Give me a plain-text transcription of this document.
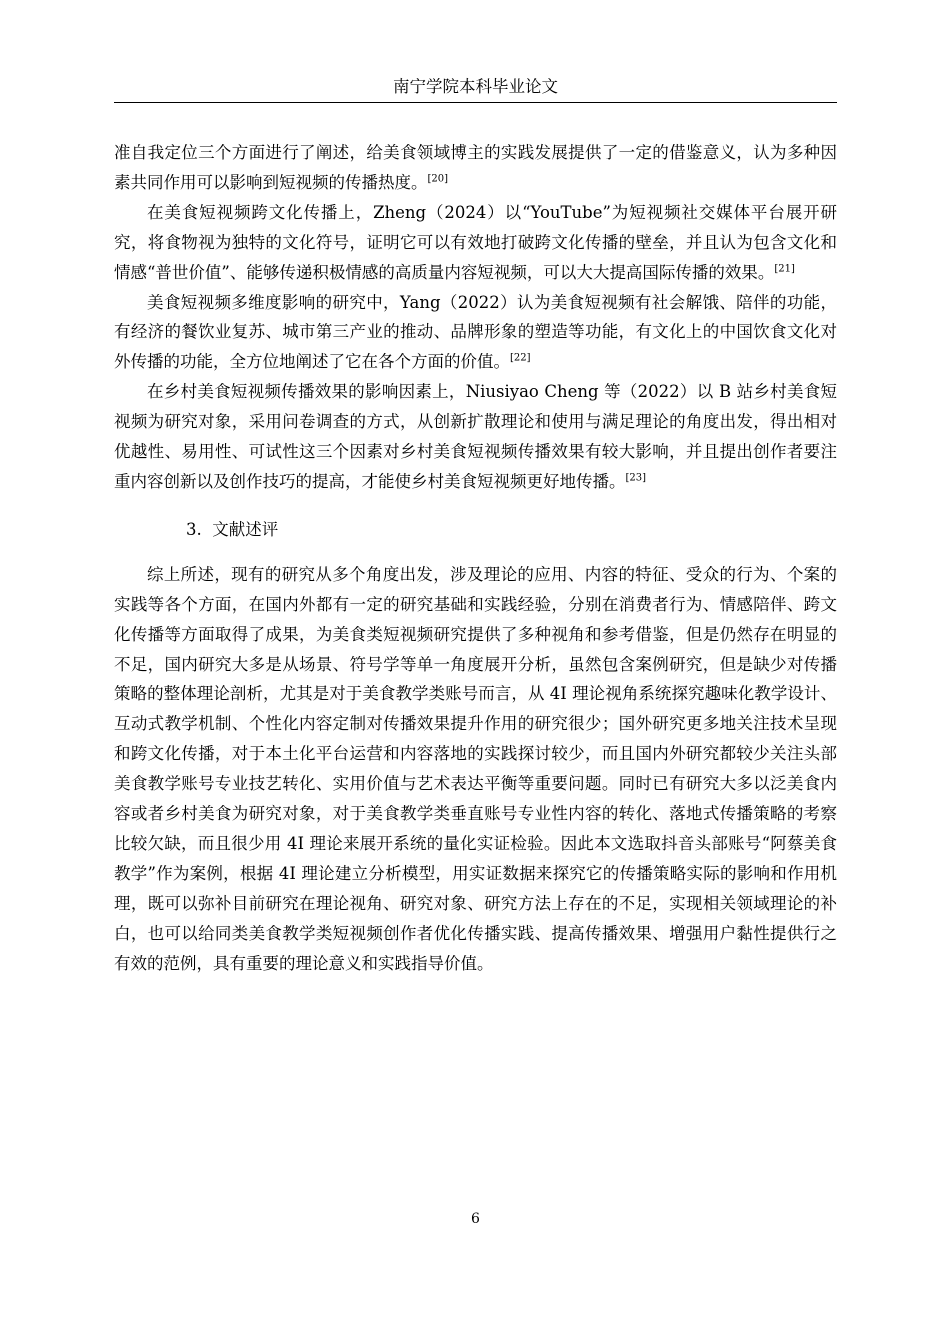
南宁学院本科毕业论文

准自我定位三个方面进行了阐述，给美食领域博主的实践发展提供了一定的借鉴意义，认为多种因素共同作用可以影响到短视频的传播热度。[20]

在美食短视频跨文化传播上，Zheng（2024）以“YouTube”为短视频社交媒体平台展开研究，将食物视为独特的文化符号，证明它可以有效地打破跨文化传播的壁垒，并且认为包含文化和情感“普世价值”、能够传递积极情感的高质量内容短视频，可以大大提高国际传播的效果。[21]

美食短视频多维度影响的研究中，Yang（2022）认为美食短视频有社会解饿、陪伴的功能，有经济的餐饮业复苏、城市第三产业的推动、品牌形象的塑造等功能，有文化上的中国饮食文化对外传播的功能，全方位地阐述了它在各个方面的价值。[22]

在乡村美食短视频传播效果的影响因素上，Niusiyao Cheng 等（2022）以 B 站乡村美食短视频为研究对象，采用问卷调查的方式，从创新扩散理论和使用与满足理论的角度出发，得出相对优越性、易用性、可试性这三个因素对乡村美食短视频传播效果有较大影响，并且提出创作者要注重内容创新以及创作技巧的提高，才能使乡村美食短视频更好地传播。[23]

3. 文献述评

综上所述，现有的研究从多个角度出发，涉及理论的应用、内容的特征、受众的行为、个案的实践等各个方面，在国内外都有一定的研究基础和实践经验，分别在消费者行为、情感陪伴、跨文化传播等方面取得了成果，为美食类短视频研究提供了多种视角和参考借鉴，但是仍然存在明显的不足，国内研究大多是从场景、符号学等单一角度展开分析，虽然包含案例研究，但是缺少对传播策略的整体理论剖析，尤其是对于美食教学类账号而言，从 4I 理论视角系统探究趣味化教学设计、互动式教学机制、个性化内容定制对传播效果提升作用的研究很少；国外研究更多地关注技术呈现和跨文化传播，对于本土化平台运营和内容落地的实践探讨较少，而且国内外研究都较少关注头部美食教学账号专业技艺转化、实用价值与艺术表达平衡等重要问题。同时已有研究大多以泛美食内容或者乡村美食为研究对象，对于美食教学类垂直账号专业性内容的转化、落地式传播策略的考察比较欠缺，而且很少用 4I 理论来展开系统的量化实证检验。因此本文选取抖音头部账号“阿蔡美食教学”作为案例，根据 4I 理论建立分析模型，用实证数据来探究它的传播策略实际的影响和作用机理，既可以弥补目前研究在理论视角、研究对象、研究方法上存在的不足，实现相关领域理论的补白，也可以给同类美食教学类短视频创作者优化传播实践、提高传播效果、增强用户黏性提供行之有效的范例，具有重要的理论意义和实践指导价值。

6
